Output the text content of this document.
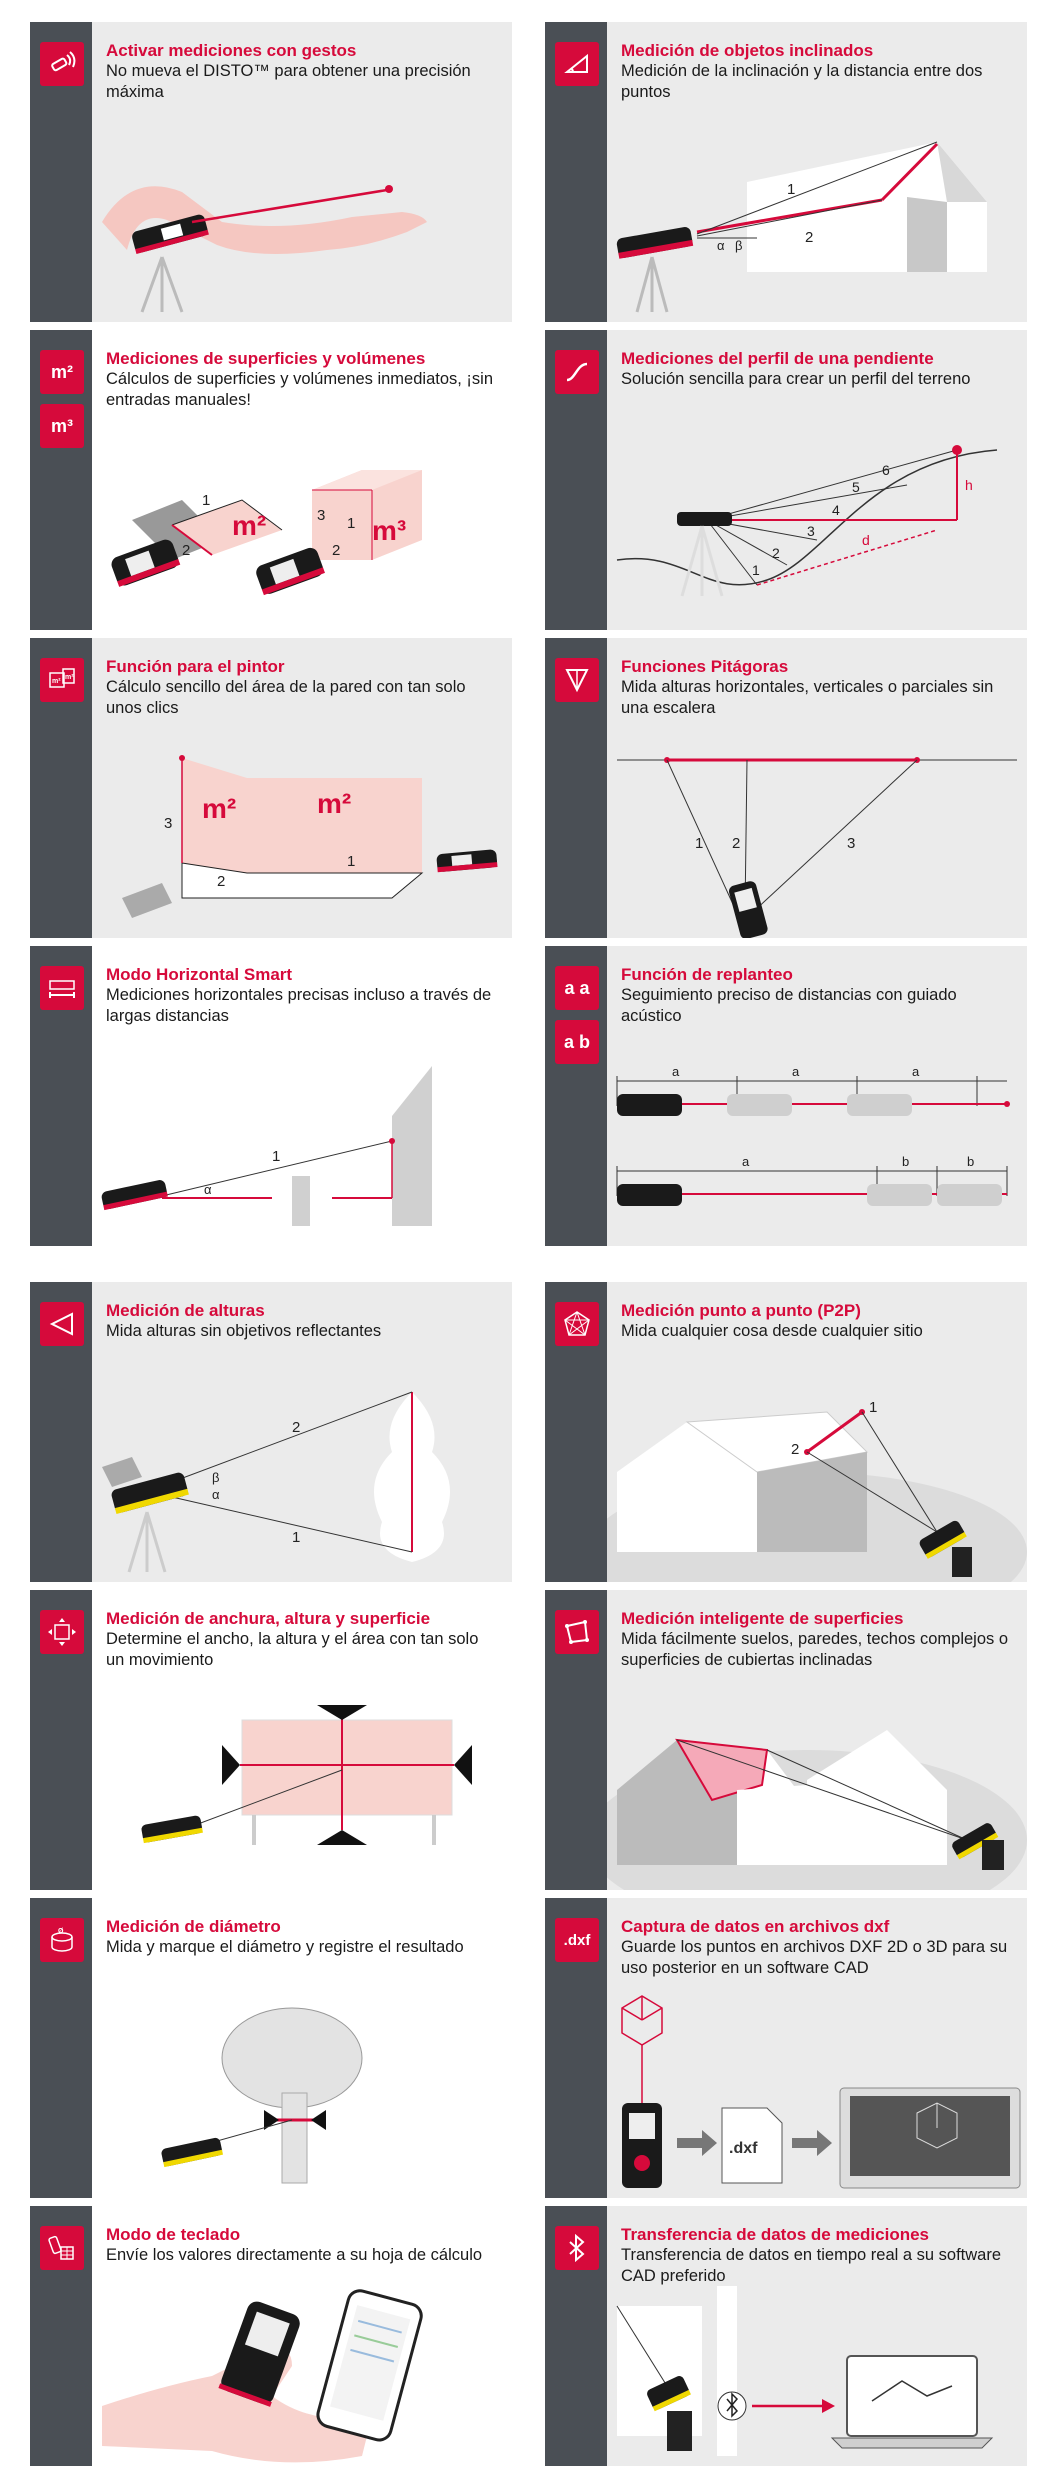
Activar mediciones con gestos
No mueva el DISTO™ para obtener una precisión máxima
Medición de objetos inclinados
Medición de la inclinación y la distancia entre dos puntos
1
2
α β
m²
m³
Mediciones de superficies y volúmenes
Cálculos de superficies y volúmenes inmediatos, ¡sin entradas manuales!
1
2
m²	3 1
2
m³
Mediciones del perfil de una pendiente
Solución sencilla para crear un perfil del terreno
1
2
3
4
5
6
d
h
m²
m²
Función para el pintor
Cálculo sencillo del área de la pared con tan solo unos clics
m²	m²
3
2
1
Funciones Pitágoras
Mida alturas horizontales, verticales o parciales sin una escalera
1 2	3
Modo Horizontal Smart
Mediciones horizontales precisas incluso a través de largas distancias
1
α
a a
a b
Función de replanteo
Seguimiento preciso de distancias con guiado acústico
a	a	a
a	b	b
Medición de alturas
Mida alturas sin objetivos reflectantes
2
1
β
α
Medición punto a punto (P2P)
Mida cualquier cosa desde cualquier sitio
1
2
Medición de anchura, altura y superficie
Determine el ancho, la altura y el área con tan solo un movimiento
Medición inteligente de superficies
Mida fácilmente suelos, paredes, techos complejos o superficies de cubiertas inclinadas
Ø	Medición de diámetro
Mida y marque el diámetro y registre el resultado	.dxf
Captura de datos en archivos dxf
Guarde los puntos en archivos DXF 2D o 3D para su uso posterior en un software CAD
.dxf
Modo de teclado
Envíe los valores directamente a su hoja de cálculo
Transferencia de datos de mediciones
Transferencia de datos en tiempo real a su software CAD preferido
